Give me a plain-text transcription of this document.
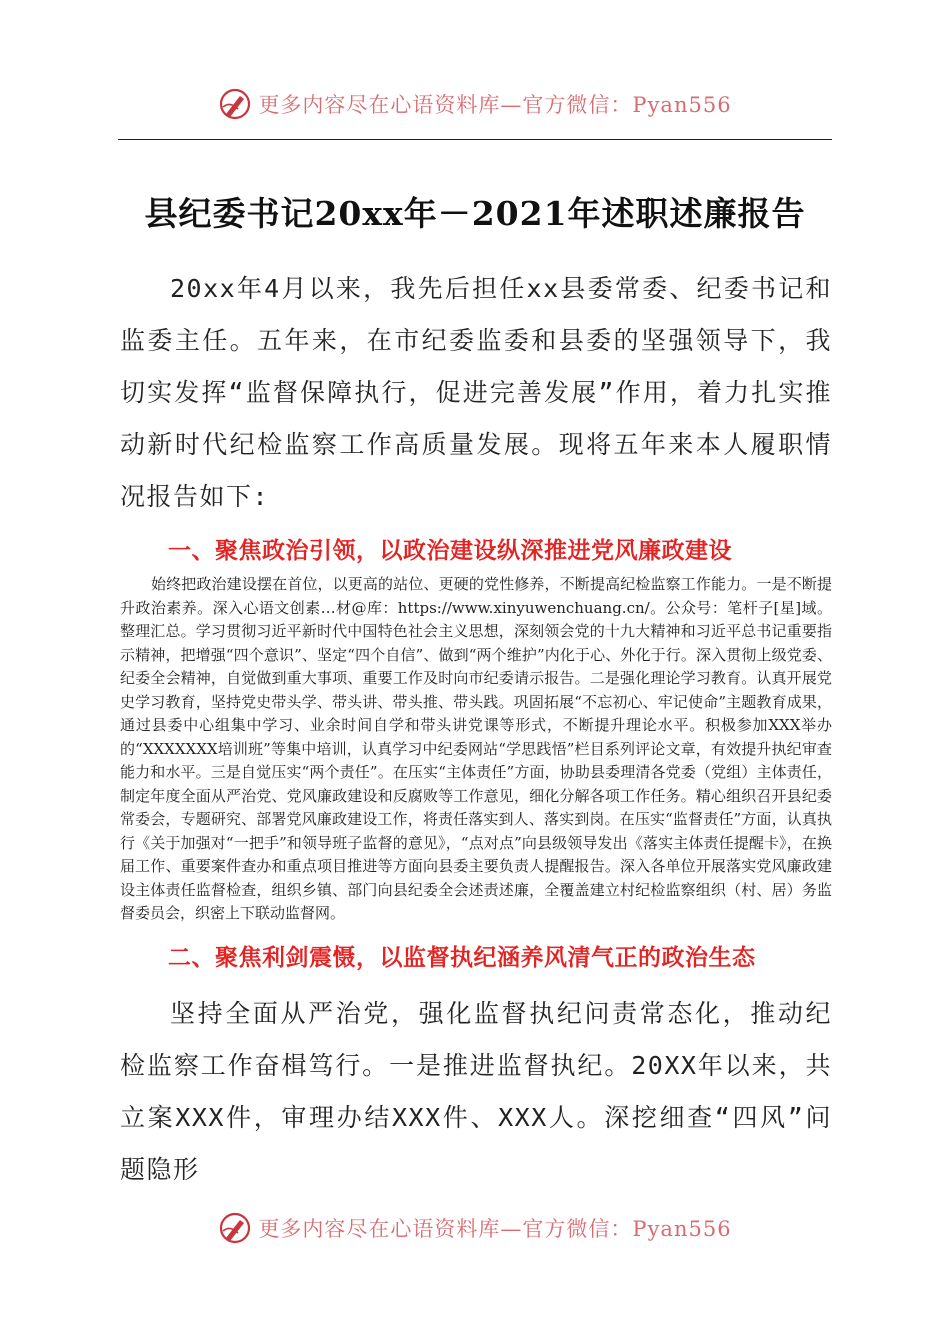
更多内容尽在心语资料库—官方微信：Pyan556
县纪委书记20xx年－2021年述职述廉报告

20xx年4月以来，我先后担任xx县委常委、纪委书记和监委主任。五年来，在市纪委监委和县委的坚强领导下，我切实发挥“监督保障执行，促进完善发展”作用，着力扎实推动新时代纪检监察工作高质量发展。现将五年来本人履职情况报告如下:

一、聚焦政治引领，以政治建设纵深推进党风廉政建设

始终把政治建设摆在首位，以更高的站位、更硬的党性修养，不断提高纪检监察工作能力。一是不断提升政治素养。深入心语文创素…材@库：https://www.xinyuwenchuang.cn/。公众号：笔杆子[星]域。整理汇总。学习贯彻习近平新时代中国特色社会主义思想，深刻领会党的十九大精神和习近平总书记重要指示精神，把增强“四个意识”、坚定“四个自信”、做到“两个维护”内化于心、外化于行。深入贯彻上级党委、纪委全会精神，自觉做到重大事项、重要工作及时向市纪委请示报告。二是强化理论学习教育。认真开展党史学习教育，坚持党史带头学、带头讲、带头推、带头践。巩固拓展“不忘初心、牢记使命”主题教育成果，通过县委中心组集中学习、业余时间自学和带头讲党课等形式，不断提升理论水平。积极参加XXX举办的“XXXXXXX培训班”等集中培训，认真学习中纪委网站“学思践悟”栏目系列评论文章，有效提升执纪审查能力和水平。三是自觉压实“两个责任”。在压实“主体责任”方面，协助县委理清各党委（党组）主体责任，制定年度全面从严治党、党风廉政建设和反腐败等工作意见，细化分解各项工作任务。精心组织召开县纪委常委会，专题研究、部署党风廉政建设工作，将责任落实到人、落实到岗。在压实“监督责任”方面，认真执行《关于加强对“一把手”和领导班子监督的意见》，“点对点”向县级领导发出《落实主体责任提醒卡》，在换届工作、重要案件查办和重点项目推进等方面向县委主要负责人提醒报告。深入各单位开展落实党风廉政建设主体责任监督检查，组织乡镇、部门向县纪委全会述责述廉，全覆盖建立村纪检监察组织（村、居）务监督委员会，织密上下联动监督网。

二、聚焦利剑震慑，以监督执纪涵养风清气正的政治生态

坚持全面从严治党，强化监督执纪问责常态化，推动纪检监察工作奋楫笃行。一是推进监督执纪。20XX年以来，共立案XXX件，审理办结XXX件、XXX人。深挖细查“四风”问题隐形

更多内容尽在心语资料库—官方微信：Pyan556
